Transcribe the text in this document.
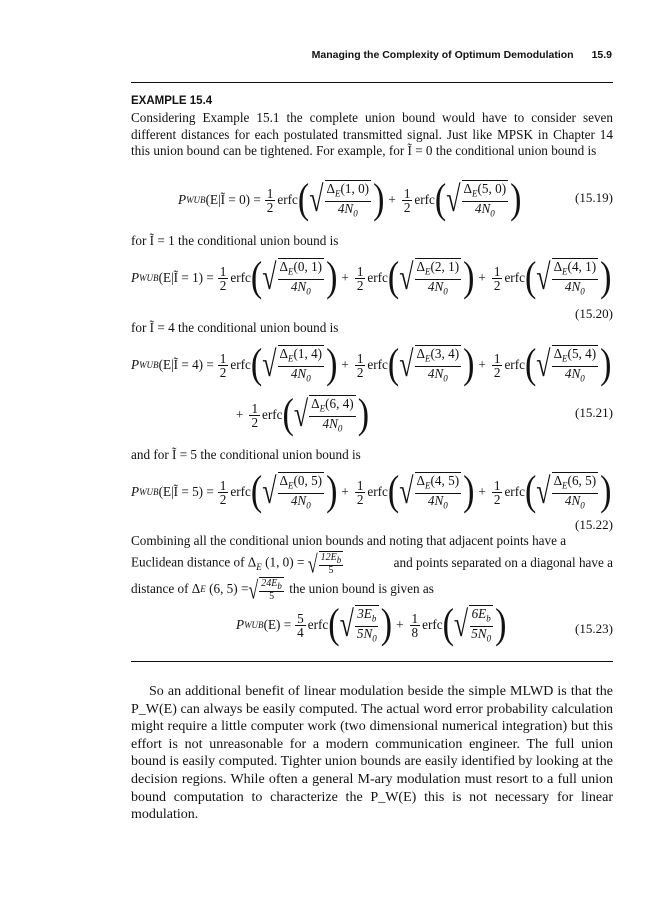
Managing the Complexity of Optimum Demodulation 15.9
EXAMPLE 15.4
Considering Example 15.1 the complete union bound would have to consider seven different distances for each postulated transmitted signal. Just like MPSK in Chapter 14 this union bound can be tightened. For example, for Ĩ = 0 the conditional union bound is
P WUB (E|Ĩ = $0) = \frac{1}{2}$ erfc ( √ $\Delta_E(1$, 0)
$4N_0$ ) + $\frac{1}{2}$ erfc ( √ $\Delta_E(5$, 0)
$4N_0$ )	(15.19)
for Ĩ = 1 the conditional union bound is
P WUB (E|Ĩ = $1) = \frac{1}{2}$ erfc ( √ $\Delta_E(0$, 1)
$4N_0$ ) + $\frac{1}{2}$ erfc ( √ $\Delta_E(2$, 1)
$4N_0$ ) + $\frac{1}{2}$ erfc ( √ $\Delta_E(4$, 1)
$4N_0$ )
(15.20)
for Ĩ = 4 the conditional union bound is
P WUB (E|Ĩ = $4) = \frac{1}{2}$ erfc ( √ $\Delta_E(1$, 4)
$4N_0$ ) + $\frac{1}{2}$ erfc ( √ $\Delta_E(3$, 4)
$4N_0$ ) + $\frac{1}{2}$ erfc ( √ $\Delta_E(5$, 4)
$4N_0$ )
+ $\frac{1}{2}$ erfc ( √ $\Delta_E(6$, 4)
$4N_0$ )	(15.21)
and for Ĩ = 5 the conditional union bound is
P WUB (E|Ĩ = $5) = \frac{1}{2}$ erfc ( √ $\Delta_E(0$, 5)
$4N_0$ ) + $\frac{1}{2}$ erfc ( √ $\Delta_E(4$, 5)
$4N_0$ ) + $\frac{1}{2}$ erfc ( √ $\Delta_E(6$, 5)
$4N_0$ )
(15.22)
Combining all the conditional union bounds and noting that adjacent points have a
Euclidean distance of $\Delta_E$ (1, 0) = √ $12E_b$
5
and points separated on a diagonal have a
distance of Δ E
(6, 5) = √ $24E_b$
5

the union bound is given as
P WUB $(E) = \frac{5}{4}$ erfc ( √ $3E_b$
$5N_0$ ) + $\frac{1}{8}$ erfc ( √ $6E_b$
$5N_0$ )	(15.23)
So an additional benefit of linear modulation beside the simple MLWD is that the P_W(E) can always be easily computed. The actual word error probability calculation might require a little computer work (two dimensional numerical integration) but this effort is not unreasonable for a modern communication engineer. The full union bound is easily computed. Tighter union bounds are easily identified by looking at the decision regions. While often a general M-ary modulation must resort to a full union bound computation to characterize the P_W(E) this is not necessary for linear modulation.
